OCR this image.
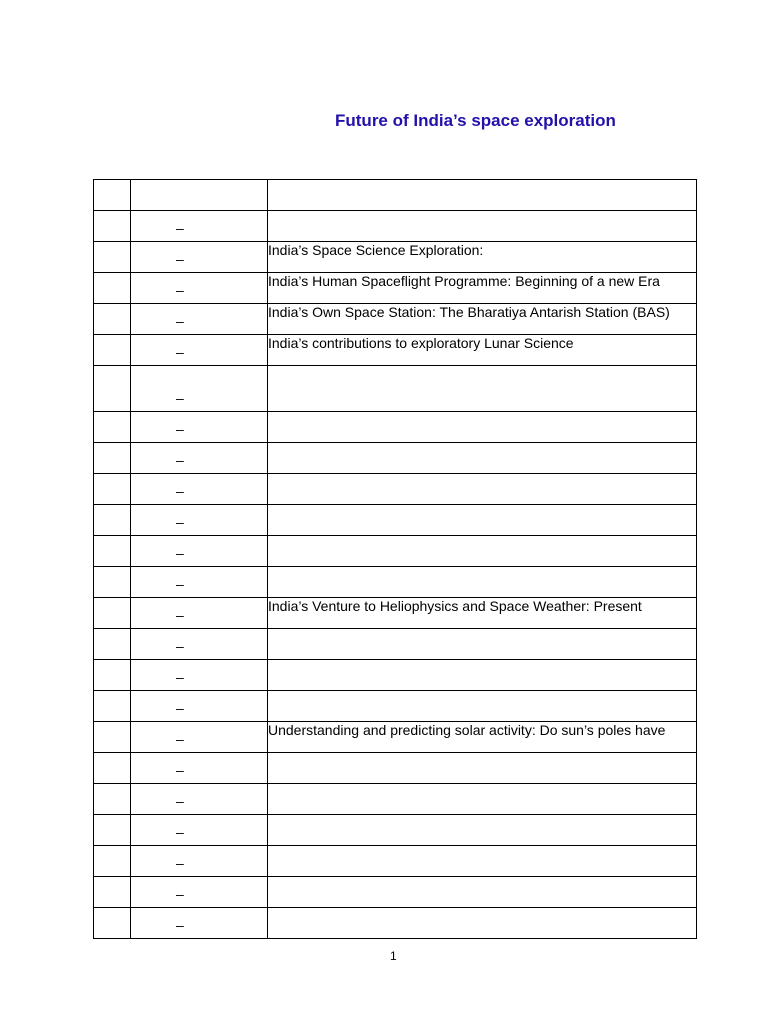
Future of India’s space exploration

	–	

	–	India’s Space Science Exploration:

	–	India’s Human Spaceflight Programme: Beginning of a new Era

	–	India’s Own Space Station: The Bharatiya Antarish Station (BAS)

	–	India’s contributions to exploratory Lunar Science

	–	

	–	

	–	

	–	

	–	

	–	

	–	

	–	India’s Venture to Heliophysics and Space Weather: Present

	–	

	–	

	–	

	–	Understanding and predicting solar activity: Do sun’s poles have

	–	

	–	

	–	

	–	

	–	

	–	

1
